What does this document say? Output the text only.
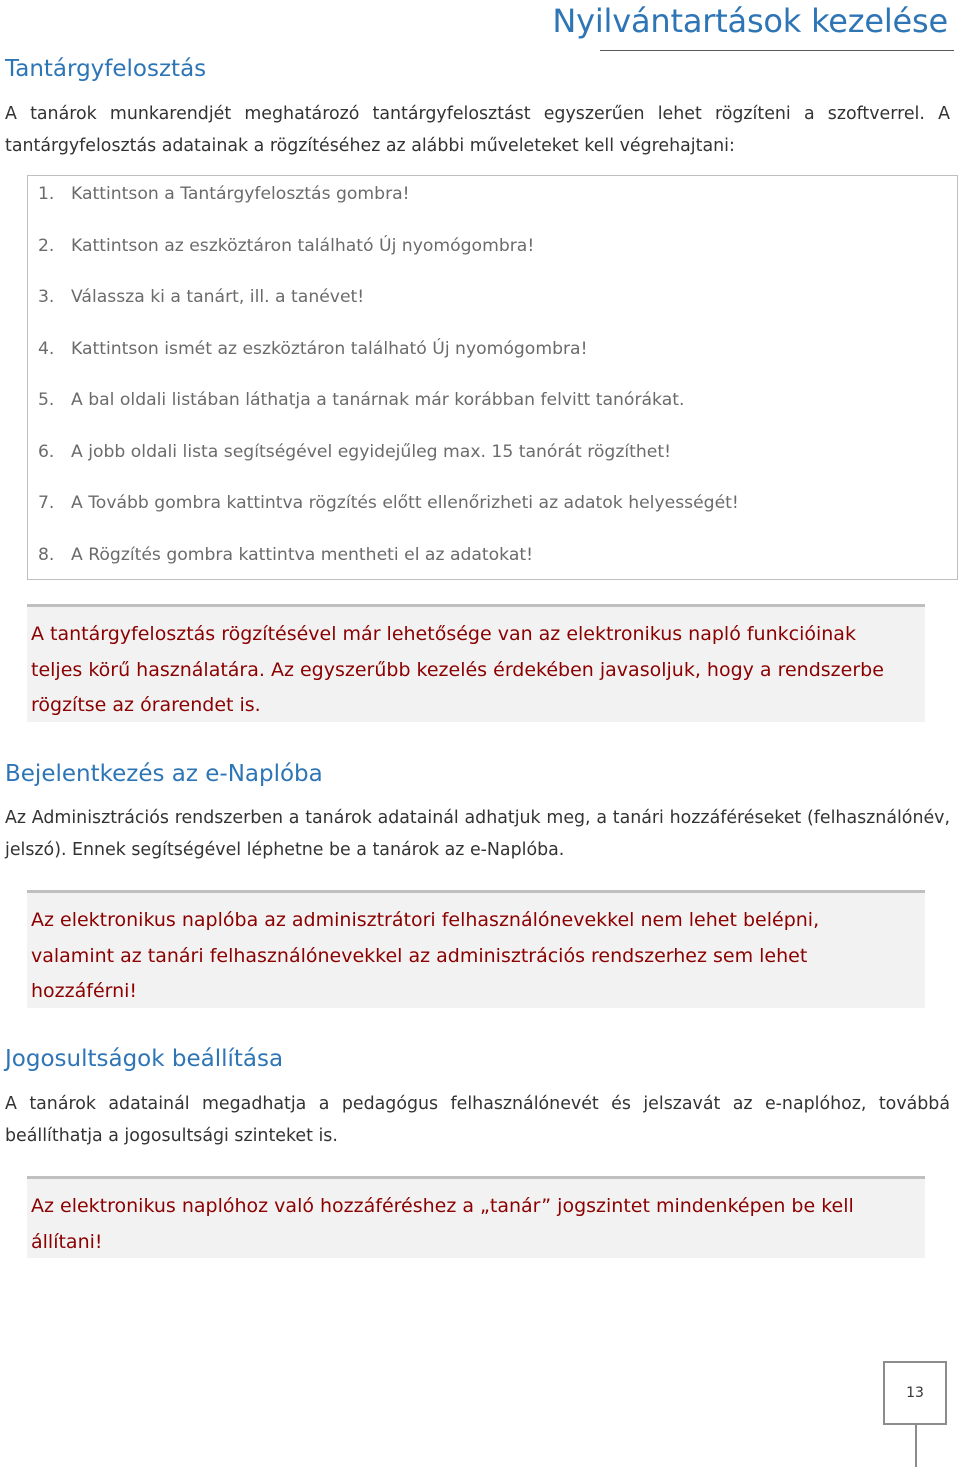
Nyilvántartások kezelése
Tantárgyfelosztás

A tanárok munkarendjét meghatározó tantárgyfelosztást egyszerűen lehet rögzíteni a szoftverrel. A tantárgyfelosztás adatainak a rögzítéséhez az alábbi műveleteket kell végrehajtani:

1. Kattintson a Tantárgyfelosztás gombra!
2. Kattintson az eszköztáron található Új nyomógombra!
3. Válassza ki a tanárt, ill. a tanévet!
4. Kattintson ismét az eszköztáron található Új nyomógombra!
5. A bal oldali listában láthatja a tanárnak már korábban felvitt tanórákat.
6. A jobb oldali lista segítségével egyidejűleg max. 15 tanórát rögzíthet!
7. A Tovább gombra kattintva rögzítés előtt ellenőrizheti az adatok helyességét!
8. A Rögzítés gombra kattintva mentheti el az adatokat!
A tantárgyfelosztás rögzítésével már lehetősége van az elektronikus napló funkcióinak
teljes körű használatára. Az egyszerűbb kezelés érdekében javasoljuk, hogy a rendszerbe
rögzítse az órarendet is.
Bejelentkezés az e-Naplóba

Az Adminisztrációs rendszerben a tanárok adatainál adhatjuk meg, a tanári hozzáféréseket (felhasználónév, jelszó). Ennek segítségével léphetne be a tanárok az e-Naplóba.

Az elektronikus naplóba az adminisztrátori felhasználónevekkel nem lehet belépni,
valamint az tanári felhasználónevekkel az adminisztrációs rendszerhez sem lehet
hozzáférni!
Jogosultságok beállítása

A tanárok adatainál megadhatja a pedagógus felhasználónevét és jelszavát az e-naplóhoz, továbbá beállíthatja a jogosultsági szinteket is.

Az elektronikus naplóhoz való hozzáféréshez a „tanár” jogszintet mindenképen be kell
állítani!
13
